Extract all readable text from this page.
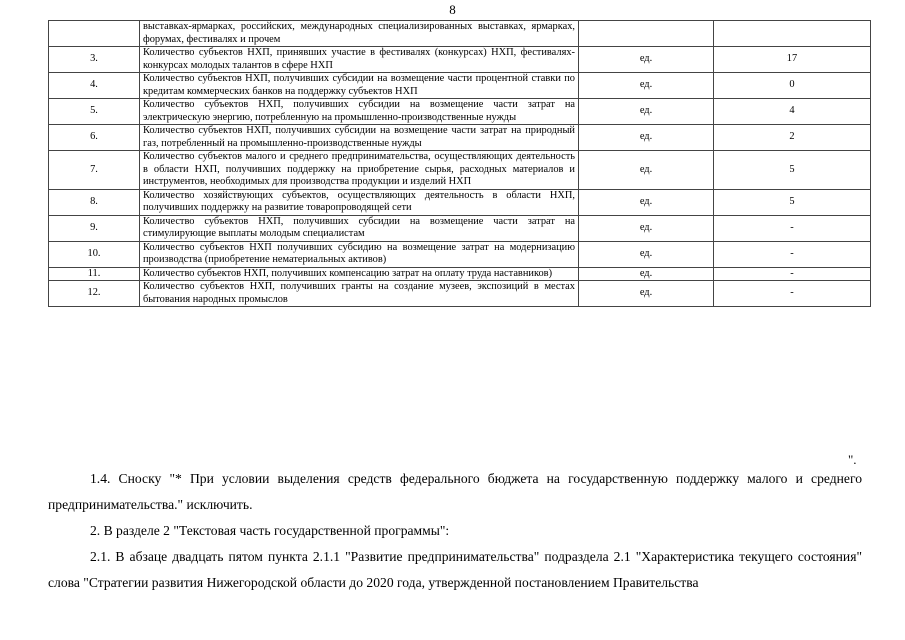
8
	выставках-ярмарках, российских, международных специализированных выставках, ярмарках, форумах, фестивалях и прочем		
3.	Количество субъектов НХП, принявших участие в фестивалях (конкурсах) НХП, фестивалях-конкурсах молодых талантов в сфере НХП	ед.	17
4.	Количество субъектов НХП, получивших субсидии на возмещение части процентной ставки по кредитам коммерческих банков на поддержку субъектов НХП	ед.	0
5.	Количество субъектов НХП, получивших субсидии на возмещение части затрат на электрическую энергию, потребленную на промышленно-производственные нужды	ед.	4
6.	Количество субъектов НХП, получивших субсидии на возмещение части затрат на природный газ, потребленный на промышленно-производственные нужды	ед.	2
7.	Количество субъектов малого и среднего предпринимательства, осуществляющих деятельность в области НХП, получивших поддержку на приобретение сырья, расходных материалов и инструментов, необходимых для производства продукции и изделий НХП	ед.	5
8.	Количество хозяйствующих субъектов, осуществляющих деятельность в области НХП, получивших поддержку на развитие товаропроводящей сети	ед.	5
9.	Количество субъектов НХП, получивших субсидии на возмещение части затрат на стимулирующие выплаты молодым специалистам	ед.	-
10.	Количество субъектов НХП получивших субсидию на возмещение затрат на модернизацию производства (приобретение нематериальных активов)	ед.	-
11.	Количество субъектов НХП, получивших компенсацию затрат на оплату труда наставников)	ед.	-
12.	Количество субъектов НХП, получивших гранты на создание музеев, экспозиций в местах бытования народных промыслов	ед.	-
".

1.4. Сноску "* При условии выделения средств федерального бюджета на государственную поддержку малого и среднего предпринимательства." исключить.

2. В разделе 2 "Текстовая часть государственной программы":

2.1. В абзаце двадцать пятом пункта 2.1.1 "Развитие предпринимательства" подраздела 2.1 "Характеристика текущего состояния" слова "Стратегии развития Нижегородской области до 2020 года, утвержденной постановлением Правительства
